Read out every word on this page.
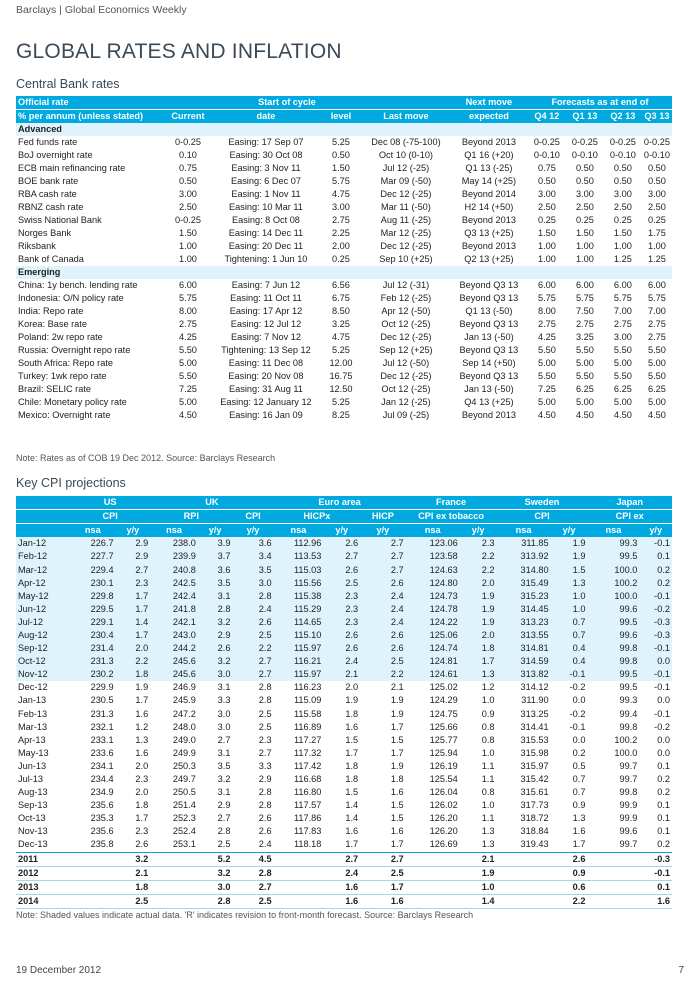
Barclays | Global Economics Weekly
GLOBAL RATES AND INFLATION
Central Bank rates
Official rate		Start of cycle			Next move	Forecasts as at end of			
% per annum (unless stated)	Current	date	level	Last move	expected	Q4 12	Q1 13	Q2 13	Q3 13
Advanced									
Fed funds rate	0-0.25	Easing: 17 Sep 07	5.25	Dec 08 (-75-100)	Beyond 2013	0-0.25	0-0.25	0-0.25	0-0.25
BoJ overnight rate	0.10	Easing: 30 Oct 08	0.50	Oct 10 (0-10)	Q1 16 (+20)	0-0.10	0-0.10	0-0.10	0-0.10
ECB main refinancing rate	0.75	Easing: 3 Nov 11	1.50	Jul 12 (-25)	Q1 13 (-25)	0.75	0.50	0.50	0.50
BOE bank rate	0.50	Easing: 6 Dec 07	5.75	Mar 09 (-50)	May 14 (+25)	0.50	0.50	0.50	0.50
RBA cash rate	3.00	Easing: 1 Nov 11	4.75	Dec 12 (-25)	Beyond 2014	3.00	3.00	3.00	3.00
RBNZ cash rate	2.50	Easing: 10 Mar 11	3.00	Mar 11 (-50)	H2 14 (+50)	2.50	2.50	2.50	2.50
Swiss National Bank	0-0.25	Easing: 8 Oct 08	2.75	Aug 11 (-25)	Beyond 2013	0.25	0.25	0.25	0.25
Norges Bank	1.50	Easing: 14 Dec 11	2.25	Mar 12 (-25)	Q3 13 (+25)	1.50	1.50	1.50	1.75
Riksbank	1.00	Easing: 20 Dec 11	2.00	Dec 12 (-25)	Beyond 2013	1.00	1.00	1.00	1.00
Bank of Canada	1.00	Tightening: 1 Jun 10	0.25	Sep 10 (+25)	Q2 13 (+25)	1.00	1.00	1.25	1.25
Emerging									
China: 1y bench. lending rate	6.00	Easing: 7 Jun 12	6.56	Jul 12 (-31)	Beyond Q3 13	6.00	6.00	6.00	6.00
Indonesia: O/N policy rate	5.75	Easing: 11 Oct 11	6.75	Feb 12 (-25)	Beyond Q3 13	5.75	5.75	5.75	5.75
India: Repo rate	8.00	Easing: 17 Apr 12	8.50	Apr 12 (-50)	Q1 13 (-50)	8.00	7.50	7.00	7.00
Korea: Base rate	2.75	Easing: 12 Jul 12	3.25	Oct 12 (-25)	Beyond Q3 13	2.75	2.75	2.75	2.75
Poland: 2w repo rate	4.25	Easing: 7 Nov 12	4.75	Dec 12 (-25)	Jan 13 (-50)	4.25	3.25	3.00	2.75
Russia: Overnight repo rate	5.50	Tightening: 13 Sep 12	5.25	Sep 12 (+25)	Beyond Q3 13	5.50	5.50	5.50	5.50
South Africa: Repo rate	5.00	Easing: 11 Dec 08	12.00	Jul 12 (-50)	Sep 14 (+50)	5.00	5.00	5.00	5.00
Turkey: 1wk repo rate	5.50	Easing: 20 Nov 08	16.75	Dec 12 (-25)	Beyond Q3 13	5.50	5.50	5.50	5.50
Brazil: SELIC rate	7.25	Easing: 31 Aug 11	12.50	Oct 12 (-25)	Jan 13 (-50)	7.25	6.25	6.25	6.25
Chile: Monetary policy rate	5.00	Easing: 12 January 12	5.25	Jan 12 (-25)	Q4 13 (+25)	5.00	5.00	5.00	5.00
Mexico: Overnight rate	4.50	Easing: 16 Jan 09	8.25	Jul 09 (-25)	Beyond 2013	4.50	4.50	4.50	4.50
Note: Rates as of COB 19 Dec 2012. Source: Barclays Research
Key CPI projections
	US		UK			Euro area			France		Sweden		Japan	
	CPI		RPI		CPI	HICPx		HICP	CPI ex tobacco		CPI		CPI ex	
	nsa	y/y	nsa	y/y	y/y	nsa	y/y	y/y	nsa	y/y	nsa	y/y	nsa	y/y
Jan-12	226.7	2.9	238.0	3.9	3.6	112.96	2.6	2.7	123.06	2.3	311.85	1.9	99.3	-0.1
Feb-12	227.7	2.9	239.9	3.7	3.4	113.53	2.7	2.7	123.58	2.2	313.92	1.9	99.5	0.1
Mar-12	229.4	2.7	240.8	3.6	3.5	115.03	2.6	2.7	124.63	2.2	314.80	1.5	100.0	0.2
Apr-12	230.1	2.3	242.5	3.5	3.0	115.56	2.5	2.6	124.80	2.0	315.49	1.3	100.2	0.2
May-12	229.8	1.7	242.4	3.1	2.8	115.38	2.3	2.4	124.73	1.9	315.23	1.0	100.0	-0.1
Jun-12	229.5	1.7	241.8	2.8	2.4	115.29	2.3	2.4	124.78	1.9	314.45	1.0	99.6	-0.2
Jul-12	229.1	1.4	242.1	3.2	2.6	114.65	2.3	2.4	124.22	1.9	313.23	0.7	99.5	-0.3
Aug-12	230.4	1.7	243.0	2.9	2.5	115.10	2.6	2.6	125.06	2.0	313.55	0.7	99.6	-0.3
Sep-12	231.4	2.0	244.2	2.6	2.2	115.97	2.6	2.6	124.74	1.8	314.81	0.4	99.8	-0.1
Oct-12	231.3	2.2	245.6	3.2	2.7	116.21	2.4	2.5	124.81	1.7	314.59	0.4	99.8	0.0
Nov-12	230.2	1.8	245.6	3.0	2.7	115.97	2.1	2.2	124.61	1.3	313.82	-0.1	99.5	-0.1
Dec-12	229.9	1.9	246.9	3.1	2.8	116.23	2.0	2.1	125.02	1.2	314.12	-0.2	99.5	-0.1
Jan-13	230.5	1.7	245.9	3.3	2.8	115.09	1.9	1.9	124.29	1.0	311.90	0.0	99.3	0.0
Feb-13	231.3	1.6	247.2	3.0	2.5	115.58	1.8	1.9	124.75	0.9	313.25	-0.2	99.4	-0.1
Mar-13	232.1	1.2	248.0	3.0	2.5	116.89	1.6	1.7	125.66	0.8	314.41	-0.1	99.8	-0.2
Apr-13	233.1	1.3	249.0	2.7	2.3	117.27	1.5	1.5	125.77	0.8	315.53	0.0	100.2	0.0
May-13	233.6	1.6	249.9	3.1	2.7	117.32	1.7	1.7	125.94	1.0	315.98	0.2	100.0	0.0
Jun-13	234.1	2.0	250.3	3.5	3.3	117.42	1.8	1.9	126.19	1.1	315.97	0.5	99.7	0.1
Jul-13	234.4	2.3	249.7	3.2	2.9	116.68	1.8	1.8	125.54	1.1	315.42	0.7	99.7	0.2
Aug-13	234.9	2.0	250.5	3.1	2.8	116.80	1.5	1.6	126.04	0.8	315.61	0.7	99.8	0.2
Sep-13	235.6	1.8	251.4	2.9	2.8	117.57	1.4	1.5	126.02	1.0	317.73	0.9	99.9	0.1
Oct-13	235.3	1.7	252.3	2.7	2.6	117.86	1.4	1.5	126.20	1.1	318.72	1.3	99.9	0.1
Nov-13	235.6	2.3	252.4	2.8	2.6	117.83	1.6	1.6	126.20	1.3	318.84	1.6	99.6	0.1
Dec-13	235.8	2.6	253.1	2.5	2.4	118.18	1.7	1.7	126.69	1.3	319.43	1.7	99.7	0.2
2011		3.2		5.2	4.5		2.7	2.7		2.1		2.6		-0.3
2012		2.1		3.2	2.8		2.4	2.5		1.9		0.9		-0.1
2013		1.8		3.0	2.7		1.6	1.7		1.0		0.6		0.1
2014		2.5		2.8	2.5		1.6	1.6		1.4		2.2		1.6
Note: Shaded values indicate actual data. 'R' indicates revision to front-month forecast. Source: Barclays Research
19 December 2012	7
